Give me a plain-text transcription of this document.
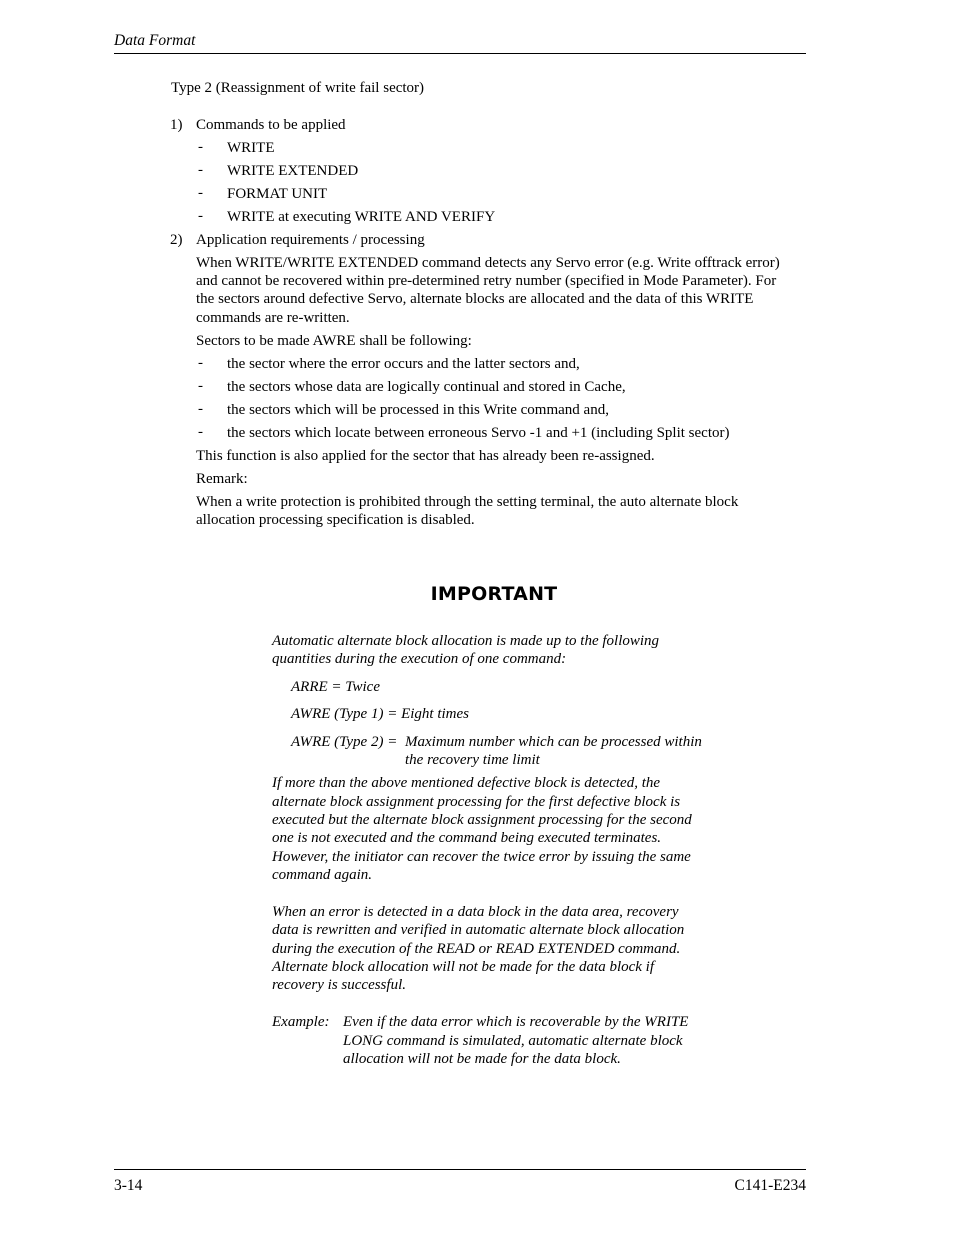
Data Format
Type 2 (Reassignment of write fail sector)
1) Commands to be applied
- WRITE
- WRITE EXTENDED
- FORMAT UNIT
- WRITE at executing WRITE AND VERIFY
2) Application requirements / processing
When WRITE/WRITE EXTENDED command detects any Servo error (e.g. Write offtrack error)
and cannot be recovered within pre-determined retry number (specified in Mode Parameter). For
the sectors around defective Servo, alternate blocks are allocated and the data of this WRITE
commands are re-written.
Sectors to be made AWRE shall be following:
- the sector where the error occurs and the latter sectors and,
- the sectors whose data are logically continual and stored in Cache,
- the sectors which will be processed in this Write command and,
- the sectors which locate between erroneous Servo -1 and +1 (including Split sector)
This function is also applied for the sector that has already been re-assigned.
Remark:
When a write protection is prohibited through the setting terminal, the auto alternate block
allocation processing specification is disabled.
IMPORTANT
Automatic alternate block allocation is made up to the following
quantities during the execution of one command:
ARRE = Twice
AWRE (Type 1) = Eight times
AWRE (Type 2) = Maximum number which can be processed within
the recovery time limit
If more than the above mentioned defective block is detected, the
alternate block assignment processing for the first defective block is
executed but the alternate block assignment processing for the second
one is not executed and the command being executed terminates.
However, the initiator can recover the twice error by issuing the same
command again.
When an error is detected in a data block in the data area, recovery
data is rewritten and verified in automatic alternate block allocation
during the execution of the READ or READ EXTENDED command.
Alternate block allocation will not be made for the data block if
recovery is successful.
Example: Even if the data error which is recoverable by the WRITE
LONG command is simulated, automatic alternate block
allocation will not be made for the data block.
3-14	C141-E234
